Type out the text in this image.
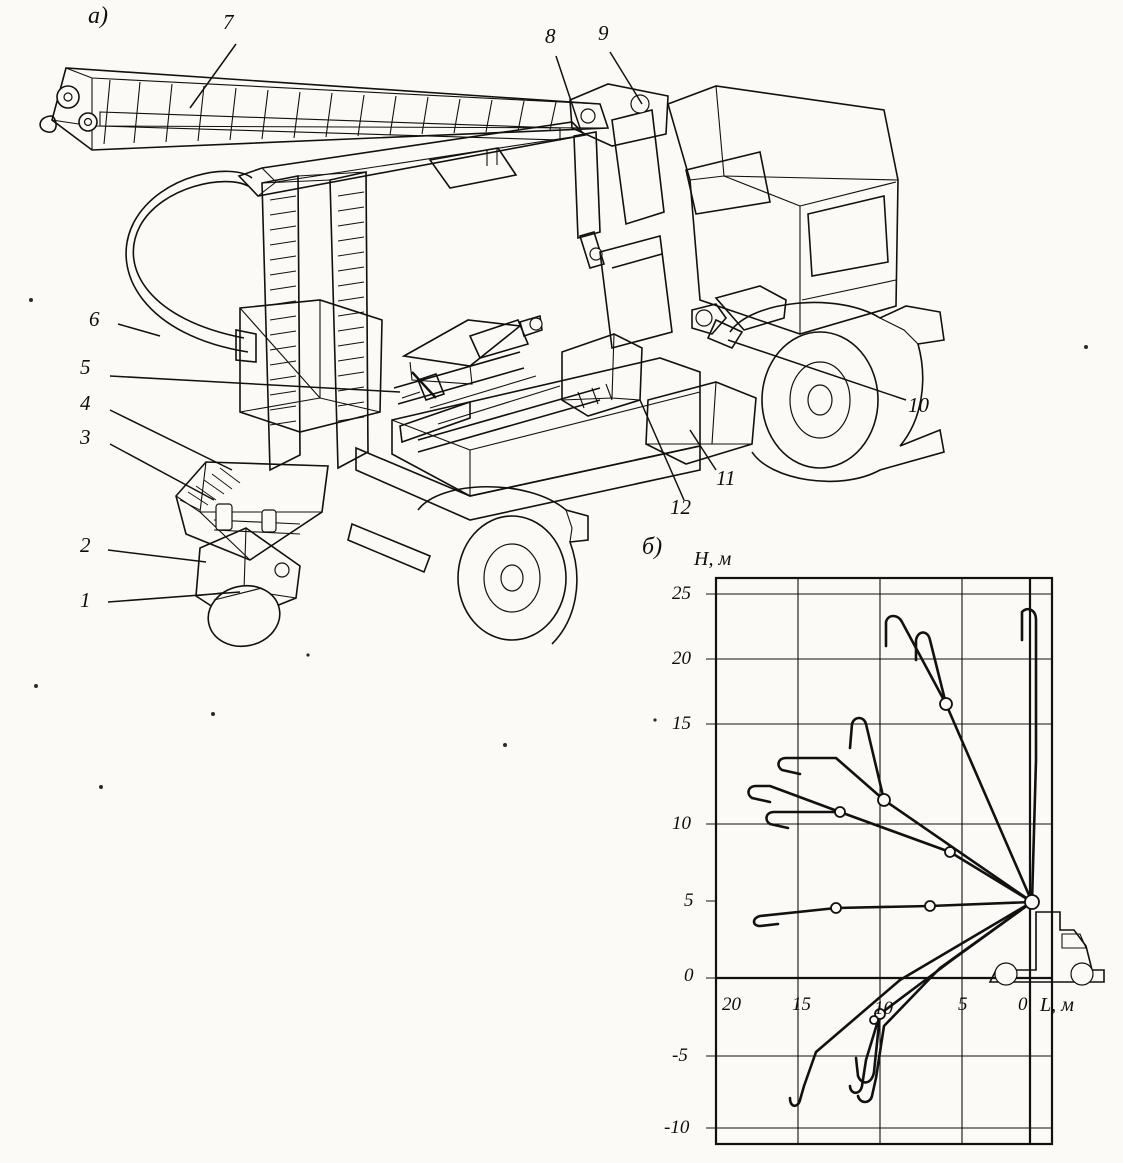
а)
б)
1
2
3
4
5
6
7
8 9
10
11
12
H, м
L, м
25
20
15
10
5
0
-5
-10
20	15	10	5	0
